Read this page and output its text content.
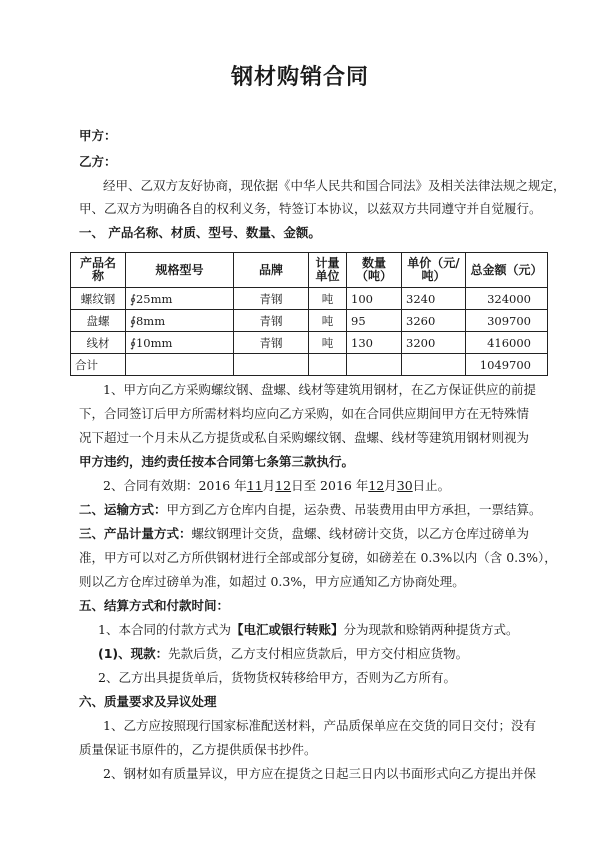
钢材购销合同
甲方：
乙方：
经甲、乙双方友好协商，现依据《中华人民共和国合同法》及相关法律法规之规定，
甲、乙双方为明确各自的权利义务，特签订本协议，以兹双方共同遵守并自觉履行。
一、 产品名称、材质、型号、数量、金额。
产品名称	规格型号	品牌	计量单位	数量（吨）	单价（元/吨）	总金额（元）
螺纹钢	∮25mm	青钢	吨	100	3240	324000
盘螺	∮8mm	青钢	吨	95	3260	309700
线材	∮10mm	青钢	吨	130	3200	416000
合计						1049700
1、甲方向乙方采购螺纹钢、盘螺、线材等建筑用钢材，在乙方保证供应的前提
下，合同签订后甲方所需材料均应向乙方采购，如在合同供应期间甲方在无特殊情
况下超过一个月未从乙方提货或私自采购螺纹钢、盘螺、线材等建筑用钢材则视为
甲方违约，违约责任按本合同第七条第三款执行。
2、合同有效期：2016 年11月12日至 2016 年12月30日止。
二、运输方式：甲方到乙方仓库内自提，运杂费、吊装费用由甲方承担，一票结算。
三、产品计量方式：螺纹钢理计交货，盘螺、线材磅计交货，以乙方仓库过磅单为
准，甲方可以对乙方所供钢材进行全部或部分复磅，如磅差在 0.3%以内（含 0.3%），
则以乙方仓库过磅单为准，如超过 0.3%，甲方应通知乙方协商处理。
五、结算方式和付款时间：
1、本合同的付款方式为【电汇或银行转账】分为现款和赊销两种提货方式。
(1)、现款：先款后货，乙方支付相应货款后，甲方交付相应货物。
2、乙方出具提货单后，货物货权转移给甲方，否则为乙方所有。
六、质量要求及异议处理
1、乙方应按照现行国家标准配送材料，产品质保单应在交货的同日交付；没有
质量保证书原件的，乙方提供质保书抄件。
2、钢材如有质量异议，甲方应在提货之日起三日内以书面形式向乙方提出并保
